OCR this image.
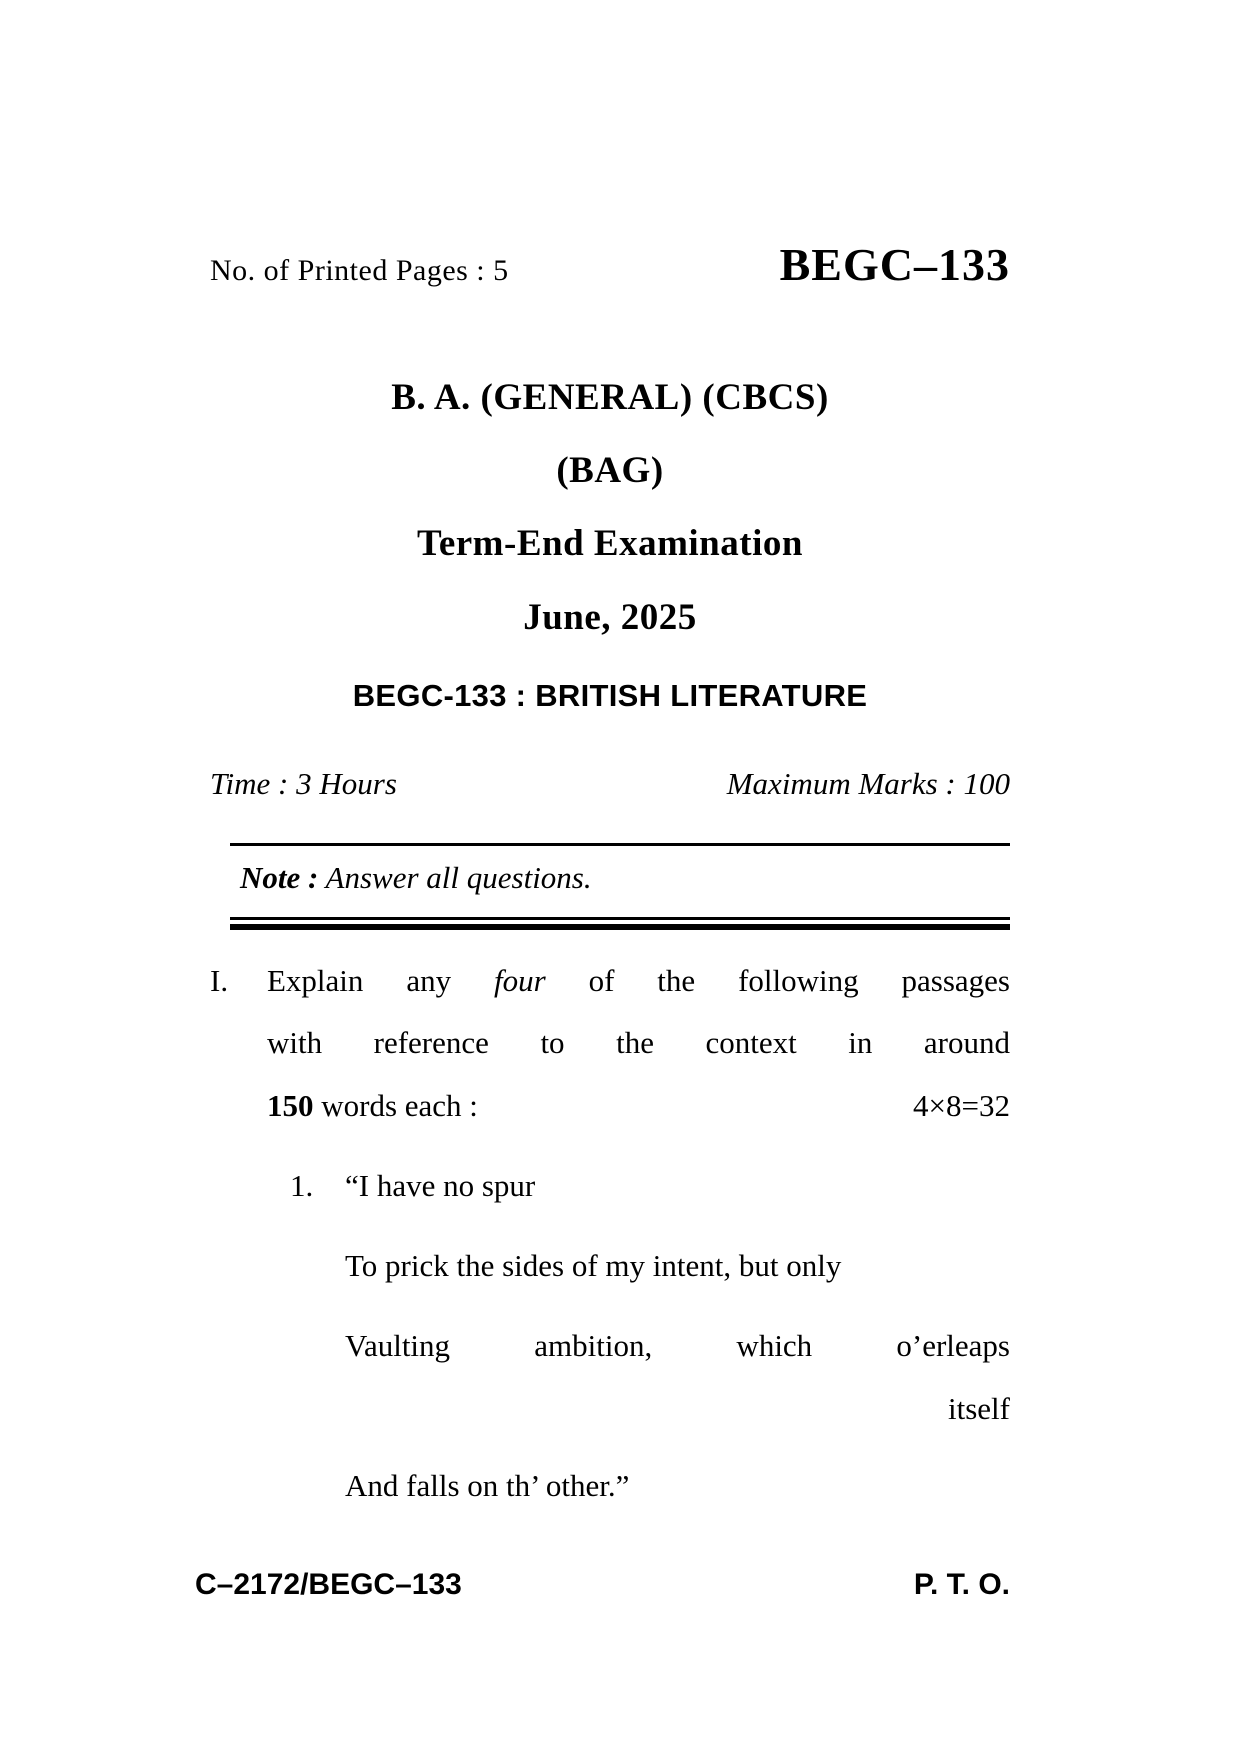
No. of Printed Pages : 5	BEGC–133
B. A. (GENERAL) (CBCS)
(BAG)
Term-End Examination
June, 2025
BEGC-133 : BRITISH LITERATURE
Time : 3 Hours	Maximum Marks : 100
Note : Answer all questions.
I. Explain any four of the following passages
with reference to the context in around
150 words each :	4×8=32
1. “I have no spur
To prick the sides of my intent, but only
Vaulting ambition, which o’erleaps
itself
And falls on th’ other.”
C–2172/BEGC–133	P. T. O.
